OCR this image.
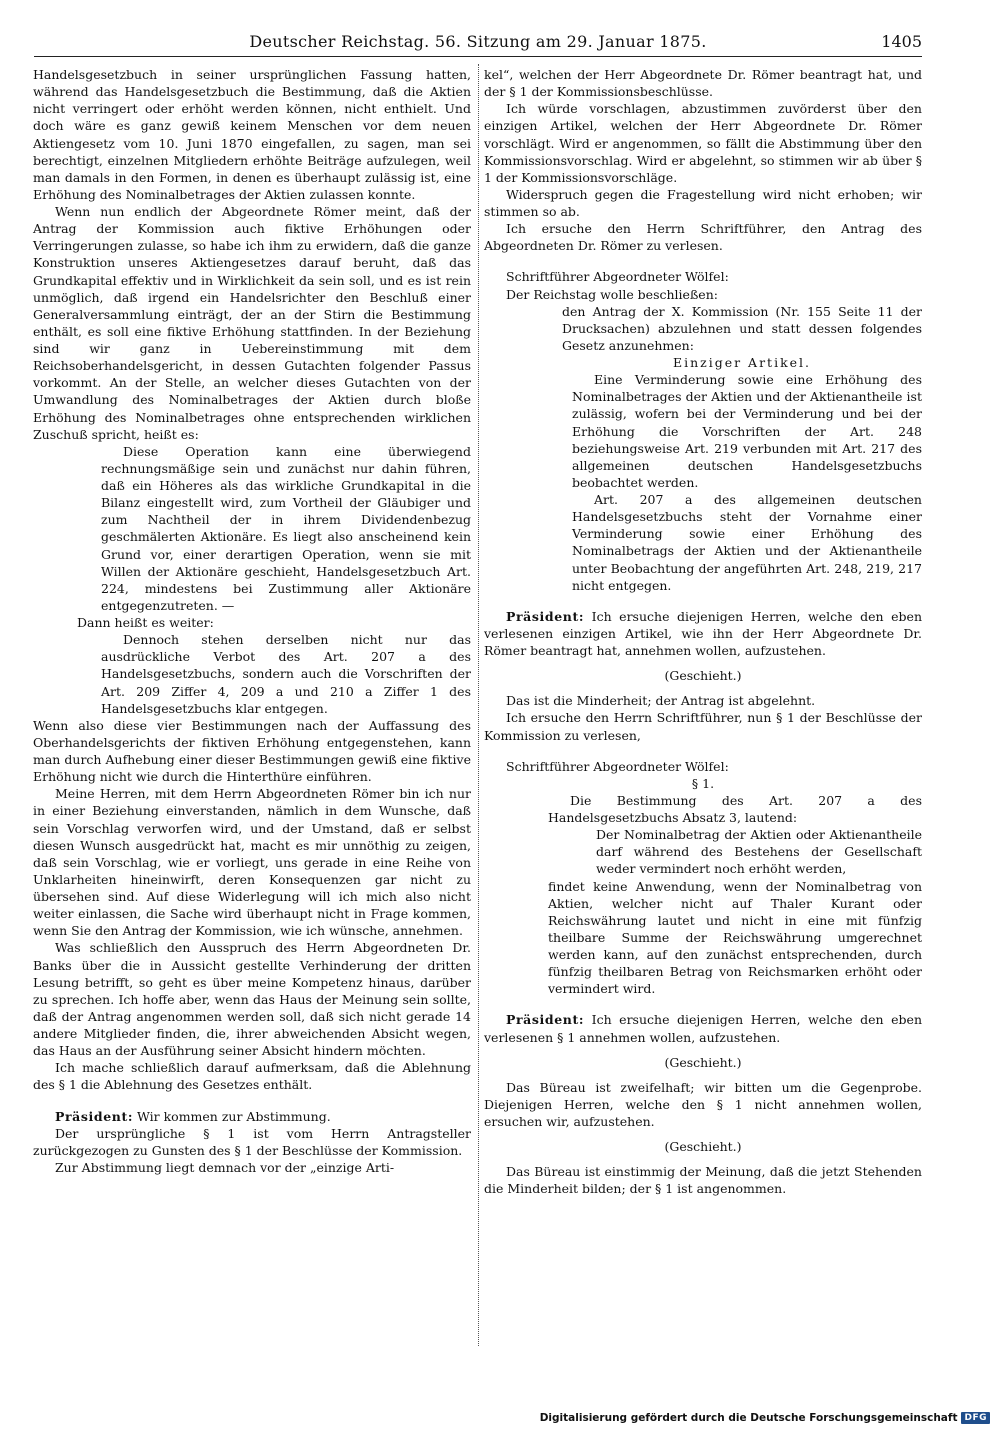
Deutscher Reichstag. 56. Sitzung am 29. Januar 1875.	1405

Handelsgesetzbuch in seiner ursprünglichen Fassung hatten, während das Handelsgesetzbuch die Bestimmung, daß die Aktien nicht verringert oder erhöht werden können, nicht enthielt. Und doch wäre es ganz gewiß keinem Menschen vor dem neuen Aktiengesetz vom 10. Juni 1870 eingefallen, zu sagen, man sei berechtigt, einzelnen Mitgliedern erhöhte Beiträge aufzulegen, weil man damals in den Formen, in denen es überhaupt zulässig ist, eine Erhöhung des Nominalbetrages der Aktien zulassen konnte.

Wenn nun endlich der Abgeordnete Römer meint, daß der Antrag der Kommission auch fiktive Erhöhungen oder Verringerungen zulasse, so habe ich ihm zu erwidern, daß die ganze Konstruktion unseres Aktiengesetzes darauf beruht, daß das Grundkapital effektiv und in Wirklichkeit da sein soll, und es ist rein unmöglich, daß irgend ein Handelsrichter den Beschluß einer Generalversammlung einträgt, der an der Stirn die Bestimmung enthält, es soll eine fiktive Erhöhung stattfinden. In der Beziehung sind wir ganz in Uebereinstimmung mit dem Reichsoberhandelsgericht, in dessen Gutachten folgender Passus vorkommt. An der Stelle, an welcher dieses Gutachten von der Umwandlung des Nominalbetrages der Aktien durch bloße Erhöhung des Nominalbetrages ohne entsprechenden wirklichen Zuschuß spricht, heißt es:

Diese Operation kann eine überwiegend rechnungsmäßige sein und zunächst nur dahin führen, daß ein Höheres als das wirkliche Grundkapital in die Bilanz eingestellt wird, zum Vortheil der Gläubiger und zum Nachtheil der in ihrem Dividendenbezug geschmälerten Aktionäre. Es liegt also anscheinend kein Grund vor, einer derartigen Operation, wenn sie mit Willen der Aktionäre geschieht, Handelsgesetzbuch Art. 224, mindestens bei Zustimmung aller Aktionäre entgegenzutreten. —

Dann heißt es weiter:

Dennoch stehen derselben nicht nur das ausdrückliche Verbot des Art. 207 a des Handelsgesetzbuchs, sondern auch die Vorschriften der Art. 209 Ziffer 4, 209 a und 210 a Ziffer 1 des Handelsgesetzbuchs klar entgegen.

Wenn also diese vier Bestimmungen nach der Auffassung des Oberhandelsgerichts der fiktiven Erhöhung entgegenstehen, kann man durch Aufhebung einer dieser Bestimmungen gewiß eine fiktive Erhöhung nicht wie durch die Hinterthüre einführen.

Meine Herren, mit dem Herrn Abgeordneten Römer bin ich nur in einer Beziehung einverstanden, nämlich in dem Wunsche, daß sein Vorschlag verworfen wird, und der Umstand, daß er selbst diesen Wunsch ausgedrückt hat, macht es mir unnöthig zu zeigen, daß sein Vorschlag, wie er vorliegt, uns gerade in eine Reihe von Unklarheiten hineinwirft, deren Konsequenzen gar nicht zu übersehen sind. Auf diese Widerlegung will ich mich also nicht weiter einlassen, die Sache wird überhaupt nicht in Frage kommen, wenn Sie den Antrag der Kommission, wie ich wünsche, annehmen.

Was schließlich den Ausspruch des Herrn Abgeordneten Dr. Banks über die in Aussicht gestellte Verhinderung der dritten Lesung betrifft, so geht es über meine Kompetenz hinaus, darüber zu sprechen. Ich hoffe aber, wenn das Haus der Meinung sein sollte, daß der Antrag angenommen werden soll, daß sich nicht gerade 14 andere Mitglieder finden, die, ihrer abweichenden Absicht wegen, das Haus an der Ausführung seiner Absicht hindern möchten.

Ich mache schließlich darauf aufmerksam, daß die Ablehnung des § 1 die Ablehnung des Gesetzes enthält.

Präsident: Wir kommen zur Abstimmung.

Der ursprüngliche § 1 ist vom Herrn Antragsteller zurückgezogen zu Gunsten des § 1 der Beschlüsse der Kommission.

Zur Abstimmung liegt demnach vor der „einzige Arti-

kel“, welchen der Herr Abgeordnete Dr. Römer beantragt hat, und der § 1 der Kommissionsbeschlüsse.

Ich würde vorschlagen, abzustimmen zuvörderst über den einzigen Artikel, welchen der Herr Abgeordnete Dr. Römer vorschlägt. Wird er angenommen, so fällt die Abstimmung über den Kommissionsvorschlag. Wird er abgelehnt, so stimmen wir ab über § 1 der Kommissionsvorschläge.

Widerspruch gegen die Fragestellung wird nicht erhoben; wir stimmen so ab.

Ich ersuche den Herrn Schriftführer, den Antrag des Abgeordneten Dr. Römer zu verlesen.

Schriftführer Abgeordneter Wölfel:

Der Reichstag wolle beschließen:

den Antrag der X. Kommission (Nr. 155 Seite 11 der Drucksachen) abzulehnen und statt dessen folgendes Gesetz anzunehmen:

Einziger Artikel.

Eine Verminderung sowie eine Erhöhung des Nominalbetrages der Aktien und der Aktienantheile ist zulässig, wofern bei der Verminderung und bei der Erhöhung die Vorschriften der Art. 248 beziehungsweise Art. 219 verbunden mit Art. 217 des allgemeinen deutschen Handelsgesetzbuchs beobachtet werden.

Art. 207 a des allgemeinen deutschen Handelsgesetzbuchs steht der Vornahme einer Verminderung sowie einer Erhöhung des Nominalbetrags der Aktien und der Aktienantheile unter Beobachtung der angeführten Art. 248, 219, 217 nicht entgegen.

Präsident: Ich ersuche diejenigen Herren, welche den eben verlesenen einzigen Artikel, wie ihn der Herr Abgeordnete Dr. Römer beantragt hat, annehmen wollen, aufzustehen.

(Geschieht.)

Das ist die Minderheit; der Antrag ist abgelehnt.

Ich ersuche den Herrn Schriftführer, nun § 1 der Beschlüsse der Kommission zu verlesen,

Schriftführer Abgeordneter Wölfel:

§ 1.

Die Bestimmung des Art. 207 a des Handelsgesetzbuchs Absatz 3, lautend:

Der Nominalbetrag der Aktien oder Aktienantheile darf während des Bestehens der Gesellschaft weder vermindert noch erhöht werden,

findet keine Anwendung, wenn der Nominalbetrag von Aktien, welcher nicht auf Thaler Kurant oder Reichswährung lautet und nicht in eine mit fünfzig theilbare Summe der Reichswährung umgerechnet werden kann, auf den zunächst entsprechenden, durch fünfzig theilbaren Betrag von Reichsmarken erhöht oder vermindert wird.

Präsident: Ich ersuche diejenigen Herren, welche den eben verlesenen § 1 annehmen wollen, aufzustehen.

(Geschieht.)

Das Büreau ist zweifelhaft; wir bitten um die Gegenprobe. Diejenigen Herren, welche den § 1 nicht annehmen wollen, ersuchen wir, aufzustehen.

(Geschieht.)

Das Büreau ist einstimmig der Meinung, daß die jetzt Stehenden die Minderheit bilden; der § 1 ist angenommen.

Digitalisierung gefördert durch die Deutsche Forschungsgemeinschaft DFG
